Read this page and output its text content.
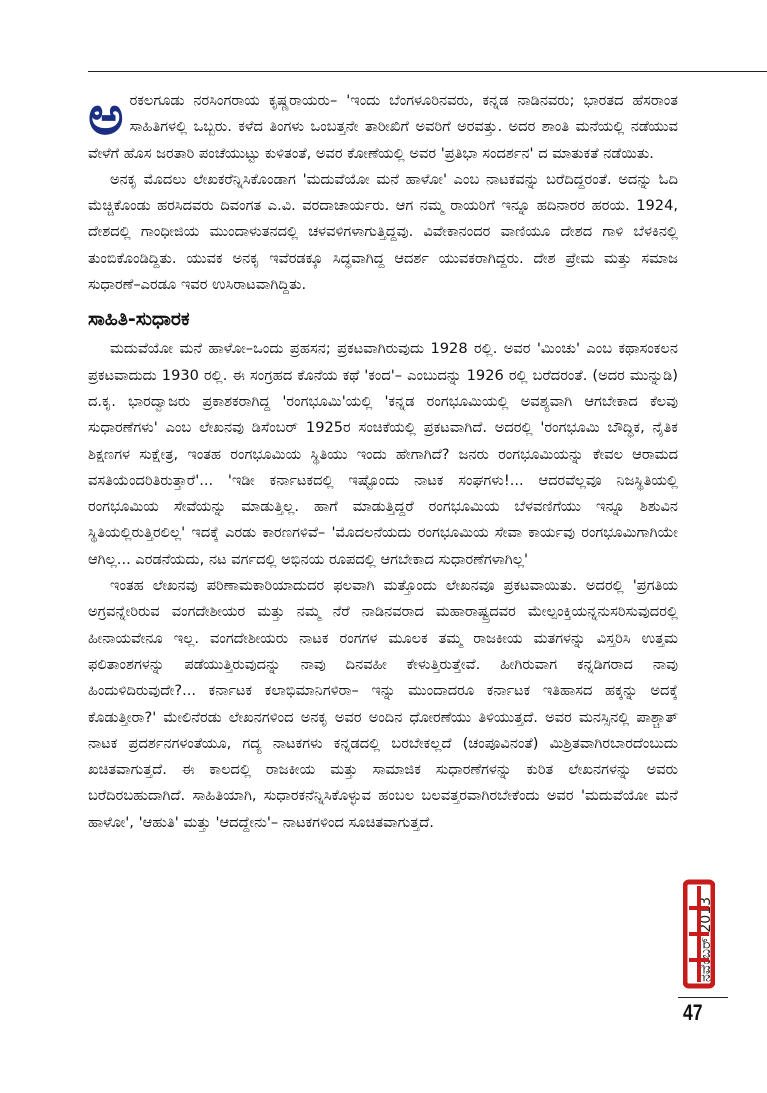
ಅರಕಲಗೂಡು ನರಸಿಂಗರಾಯ ಕೃಷ್ಣರಾಯರು– 'ಇಂದು ಬೆಂಗಳೂರಿನವರು, ಕನ್ನಡ ನಾಡಿನವರು; ಭಾರತದ ಹೆಸರಾಂತ ಸಾಹಿತಿಗಳಲ್ಲಿ ಒಬ್ಬರು. ಕಳೆದ ತಿಂಗಳು ಒಂಬತ್ತನೇ ತಾರೀಖಿಗೆ ಅವರಿಗೆ ಅರವತ್ತು. ಅದರ ಶಾಂತಿ ಮನೆಯಲ್ಲಿ ನಡೆಯುವ ವೇಳೆಗೆ ಹೊಸ ಜರತಾರಿ ಪಂಚೆಯುಟ್ಟು ಕುಳಿತಂತೆ, ಅವರ ಕೋಣೆಯಲ್ಲಿ ಅವರ 'ಪ್ರತಿಭಾ ಸಂದರ್ಶನ' ದ ಮಾತುಕತೆ ನಡೆಯಿತು.

ಅನಕೃ ಮೊದಲು ಲೇಖಕರೆನ್ನಿಸಿಕೊಂಡಾಗ 'ಮದುವೆಯೋ ಮನೆ ಹಾಳೋ' ಎಂಬ ನಾಟಕವನ್ನು ಬರೆದಿದ್ದರಂತೆ. ಅದನ್ನು ಓದಿ ಮೆಚ್ಚಿಕೊಂಡು ಹರಸಿದವರು ದಿವಂಗತ ಎ.ವಿ. ವರದಾಚಾರ್ಯರು. ಆಗ ನಮ್ಮ ರಾಯರಿಗೆ ಇನ್ನೂ ಹದಿನಾರರ ಹರಯ. 1924, ದೇಶದಲ್ಲಿ ಗಾಂಧೀಜಿಯ ಮುಂದಾಳುತನದಲ್ಲಿ ಚಳವಳಿಗಳಾಗುತ್ತಿದ್ದವು. ವಿವೇಕಾನಂದರ ವಾಣಿಯೂ ದೇಶದ ಗಾಳಿ ಬೆಳಕಿನಲ್ಲಿ ತುಂಬಿಕೊಂಡಿದ್ದಿತು. ಯುವಕ ಅನಕೃ ಇವೆರಡಕ್ಕೂ ಸಿದ್ಧವಾಗಿದ್ದ ಆದರ್ಶ ಯುವಕರಾಗಿದ್ದರು. ದೇಶ ಪ್ರೇಮ ಮತ್ತು ಸಮಾಜ ಸುಧಾರಣೆ–ಎರಡೂ ಇವರ ಉಸಿರಾಟವಾಗಿದ್ದಿತು.

ಸಾಹಿತಿ-ಸುಧಾರಕ

ಮದುವೆಯೋ ಮನೆ ಹಾಳೋ–ಒಂದು ಪ್ರಹಸನ; ಪ್ರಕಟವಾಗಿರುವುದು 1928 ರಲ್ಲಿ. ಅವರ 'ಮಿಂಚು' ಎಂಬ ಕಥಾಸಂಕಲನ ಪ್ರಕಟವಾದುದು 1930 ರಲ್ಲಿ. ಈ ಸಂಗ್ರಹದ ಕೊನೆಯ ಕಥೆ 'ಕಂದ'– ಎಂಬುದನ್ನು 1926 ರಲ್ಲಿ ಬರೆದರಂತೆ. (ಅದರ ಮುನ್ನುಡಿ) ದ.ಕೃ. ಭಾರದ್ವಾಜರು ಪ್ರಕಾಶಕರಾಗಿದ್ದ 'ರಂಗಭೂಮಿ'ಯಲ್ಲಿ 'ಕನ್ನಡ ರಂಗಭೂಮಿಯಲ್ಲಿ ಅವಶ್ಯವಾಗಿ ಆಗಬೇಕಾದ ಕೆಲವು ಸುಧಾರಣೆಗಳು' ಎಂಬ ಲೇಖನವು ಡಿಸೆಂಬರ್ 1925ರ ಸಂಚಿಕೆಯಲ್ಲಿ ಪ್ರಕಟವಾಗಿದೆ. ಅದರಲ್ಲಿ 'ರಂಗಭೂಮಿ ಬೌದ್ಧಿಕ, ನೈತಿಕ ಶಿಕ್ಷಣಗಳ ಸುಕ್ಷೇತ್ರ, ಇಂತಹ ರಂಗಭೂಮಿಯ ಸ್ಥಿತಿಯು ಇಂದು ಹೇಗಾಗಿದೆ? ಜನರು ರಂಗಭೂಮಿಯನ್ನು ಕೇವಲ ಆರಾಮದ ವಸತಿಯೆಂದರಿತಿರುತ್ತಾರೆ'... 'ಇಡೀ ಕರ್ನಾಟಕದಲ್ಲಿ ಇಷ್ಟೊಂದು ನಾಟಕ ಸಂಘಗಳು!... ಆದರವೆಲ್ಲವೂ ನಿಜಸ್ಥಿತಿಯಲ್ಲಿ ರಂಗಭೂಮಿಯ ಸೇವೆಯನ್ನು ಮಾಡುತ್ತಿಲ್ಲ. ಹಾಗೆ ಮಾಡುತ್ತಿದ್ದರೆ ರಂಗಭೂಮಿಯ ಬೆಳವಣಿಗೆಯು ಇನ್ನೂ ಶಿಶುವಿನ ಸ್ಥಿತಿಯಲ್ಲಿರುತ್ತಿರಲಿಲ್ಲ' ಇದಕ್ಕೆ ಎರಡು ಕಾರಣಗಳಿವೆ– 'ಮೊದಲನೆಯದು ರಂಗಭೂಮಿಯ ಸೇವಾ ಕಾರ್ಯವು ರಂಗಭೂಮಿಗಾಗಿಯೇ ಆಗಿಲ್ಲ... ಎರಡನೆಯದು, ನಟ ವರ್ಗದಲ್ಲಿ ಅಭಿನಯ ರೂಪದಲ್ಲಿ ಆಗಬೇಕಾದ ಸುಧಾರಣೆಗಳಾಗಿಲ್ಲ'

ಇಂತಹ ಲೇಖನವು ಪರಿಣಾಮಕಾರಿಯಾದುದರ ಫಲವಾಗಿ ಮತ್ತೊಂದು ಲೇಖನವೂ ಪ್ರಕಟವಾಯಿತು. ಅದರಲ್ಲಿ 'ಪ್ರಗತಿಯ ಅಗ್ರವನ್ನೇರಿರುವ ವಂಗದೇಶೀಯರ ಮತ್ತು ನಮ್ಮ ನೆರೆ ನಾಡಿನವರಾದ ಮಹಾರಾಷ್ಟ್ರದವರ ಮೇಲ್ಪಂಕ್ತಿಯನ್ನನುಸರಿಸುವುದರಲ್ಲಿ ಹೀನಾಯವೇನೂ ಇಲ್ಲ. ವಂಗದೇಶೀಯರು ನಾಟಕ ರಂಗಗಳ ಮೂಲಕ ತಮ್ಮ ರಾಜಕೀಯ ಮತಗಳನ್ನು ವಿಸ್ತರಿಸಿ ಉತ್ತಮ ಫಲಿತಾಂಶಗಳನ್ನು ಪಡೆಯುತ್ತಿರುವುದನ್ನು ನಾವು ದಿನವಹೀ ಕೇಳುತ್ತಿರುತ್ತೇವೆ. ಹೀಗಿರುವಾಗ ಕನ್ನಡಿಗರಾದ ನಾವು ಹಿಂದುಳಿದಿರುವುದೇ?... ಕರ್ನಾಟಕ ಕಲಾಭಿಮಾನಿಗಳಿರಾ– ಇನ್ನು ಮುಂದಾದರೂ ಕರ್ನಾಟಕ ಇತಿಹಾಸದ ಹಕ್ಕನ್ನು ಅದಕ್ಕೆ ಕೊಡುತ್ತೀರಾ?' ಮೇಲಿನೆರಡು ಲೇಖನಗಳಿಂದ ಅನಕೃ ಅವರ ಅಂದಿನ ಧೋರಣೆಯು ತಿಳಿಯುತ್ತದೆ. ಅವರ ಮನಸ್ಸಿನಲ್ಲಿ ಪಾಶ್ಚಾತ್ ನಾಟಕ ಪ್ರದರ್ಶನಗಳಂತೆಯೂ, ಗದ್ಯ ನಾಟಕಗಳು ಕನ್ನಡದಲ್ಲಿ ಬರಬೇಕಲ್ಲದೆ (ಚಂಪೂವಿನಂತೆ) ಮಿಶ್ರಿತವಾಗಿರಬಾರದೆಂಬುದು ಖಚಿತವಾಗುತ್ತದೆ. ಈ ಕಾಲದಲ್ಲಿ ರಾಜಕೀಯ ಮತ್ತು ಸಾಮಾಜಿಕ ಸುಧಾರಣೆಗಳನ್ನು ಕುರಿತ ಲೇಖನಗಳನ್ನು ಅವರು ಬರೆದಿರಬಹುದಾಗಿದೆ. ಸಾಹಿತಿಯಾಗಿ, ಸುಧಾರಕನೆನ್ನಿಸಿಕೊಳ್ಳುವ ಹಂಬಲ ಬಲವತ್ತರವಾಗಿರಬೇಕೆಂದು ಅವರ 'ಮದುವೆಯೋ ಮನೆ ಹಾಳೋ', 'ಆಹುತಿ' ಮತ್ತು 'ಆದದ್ದೇನು'– ನಾಟಕಗಳಿಂದ ಸೂಚಿತವಾಗುತ್ತದೆ.

ನವೆಂಬರ್ 2013
47
